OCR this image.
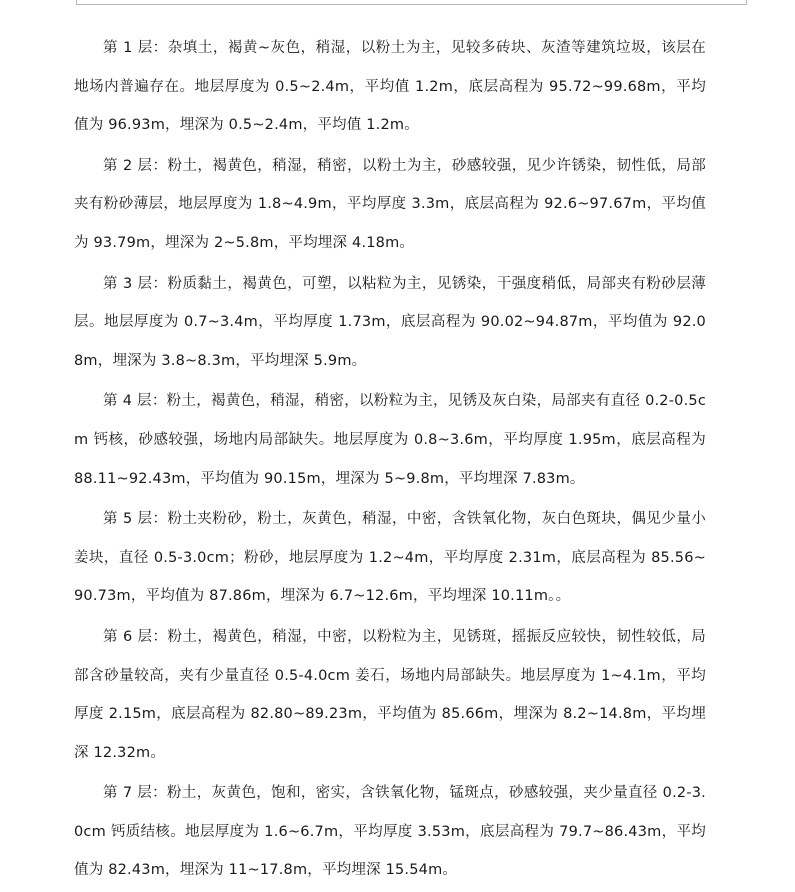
第 1 层：杂填土，褐黄~灰色，稍湿，以粉土为主，见较多砖块、灰渣等建筑垃圾，该层在地场内普遍存在。地层厚度为 0.5~2.4m，平均值 1.2m，底层高程为 95.72~99.68m，平均值为 96.93m，埋深为 0.5~2.4m，平均值 1.2m。

第 2 层：粉土，褐黄色，稍湿，稍密，以粉土为主，砂感较强，见少许锈染，韧性低，局部夹有粉砂薄层，地层厚度为 1.8~4.9m，平均厚度 3.3m，底层高程为 92.6~97.67m，平均值为 93.79m，埋深为 2~5.8m，平均埋深 4.18m。

第 3 层：粉质黏土，褐黄色，可塑，以粘粒为主，见锈染，干强度稍低，局部夹有粉砂层薄层。地层厚度为 0.7~3.4m，平均厚度 1.73m，底层高程为 90.02~94.87m，平均值为 92.08m，埋深为 3.8~8.3m，平均埋深 5.9m。

第 4 层：粉土，褐黄色，稍湿，稍密，以粉粒为主，见锈及灰白染，局部夹有直径 0.2-0.5cm 钙核，砂感较强，场地内局部缺失。地层厚度为 0.8~3.6m，平均厚度 1.95m，底层高程为 88.11~92.43m，平均值为 90.15m，埋深为 5~9.8m，平均埋深 7.83m。

第 5 层：粉土夹粉砂，粉土，灰黄色，稍湿，中密，含铁氧化物，灰白色斑块，偶见少量小姜块，直径 0.5-3.0cm；粉砂，地层厚度为 1.2~4m，平均厚度 2.31m，底层高程为 85.56~90.73m，平均值为 87.86m，埋深为 6.7~12.6m，平均埋深 10.11m。。

第 6 层：粉土，褐黄色，稍湿，中密，以粉粒为主，见锈斑，摇振反应较快，韧性较低，局部含砂量较高，夹有少量直径 0.5-4.0cm 姜石，场地内局部缺失。地层厚度为 1~4.1m，平均厚度 2.15m，底层高程为 82.80~89.23m，平均值为 85.66m，埋深为 8.2~14.8m，平均埋深 12.32m。

第 7 层：粉土，灰黄色，饱和，密实，含铁氧化物，锰斑点，砂感较强，夹少量直径 0.2-3.0cm 钙质结核。地层厚度为 1.6~6.7m，平均厚度 3.53m，底层高程为 79.7~86.43m，平均值为 82.43m，埋深为 11~17.8m，平均埋深 15.54m。
